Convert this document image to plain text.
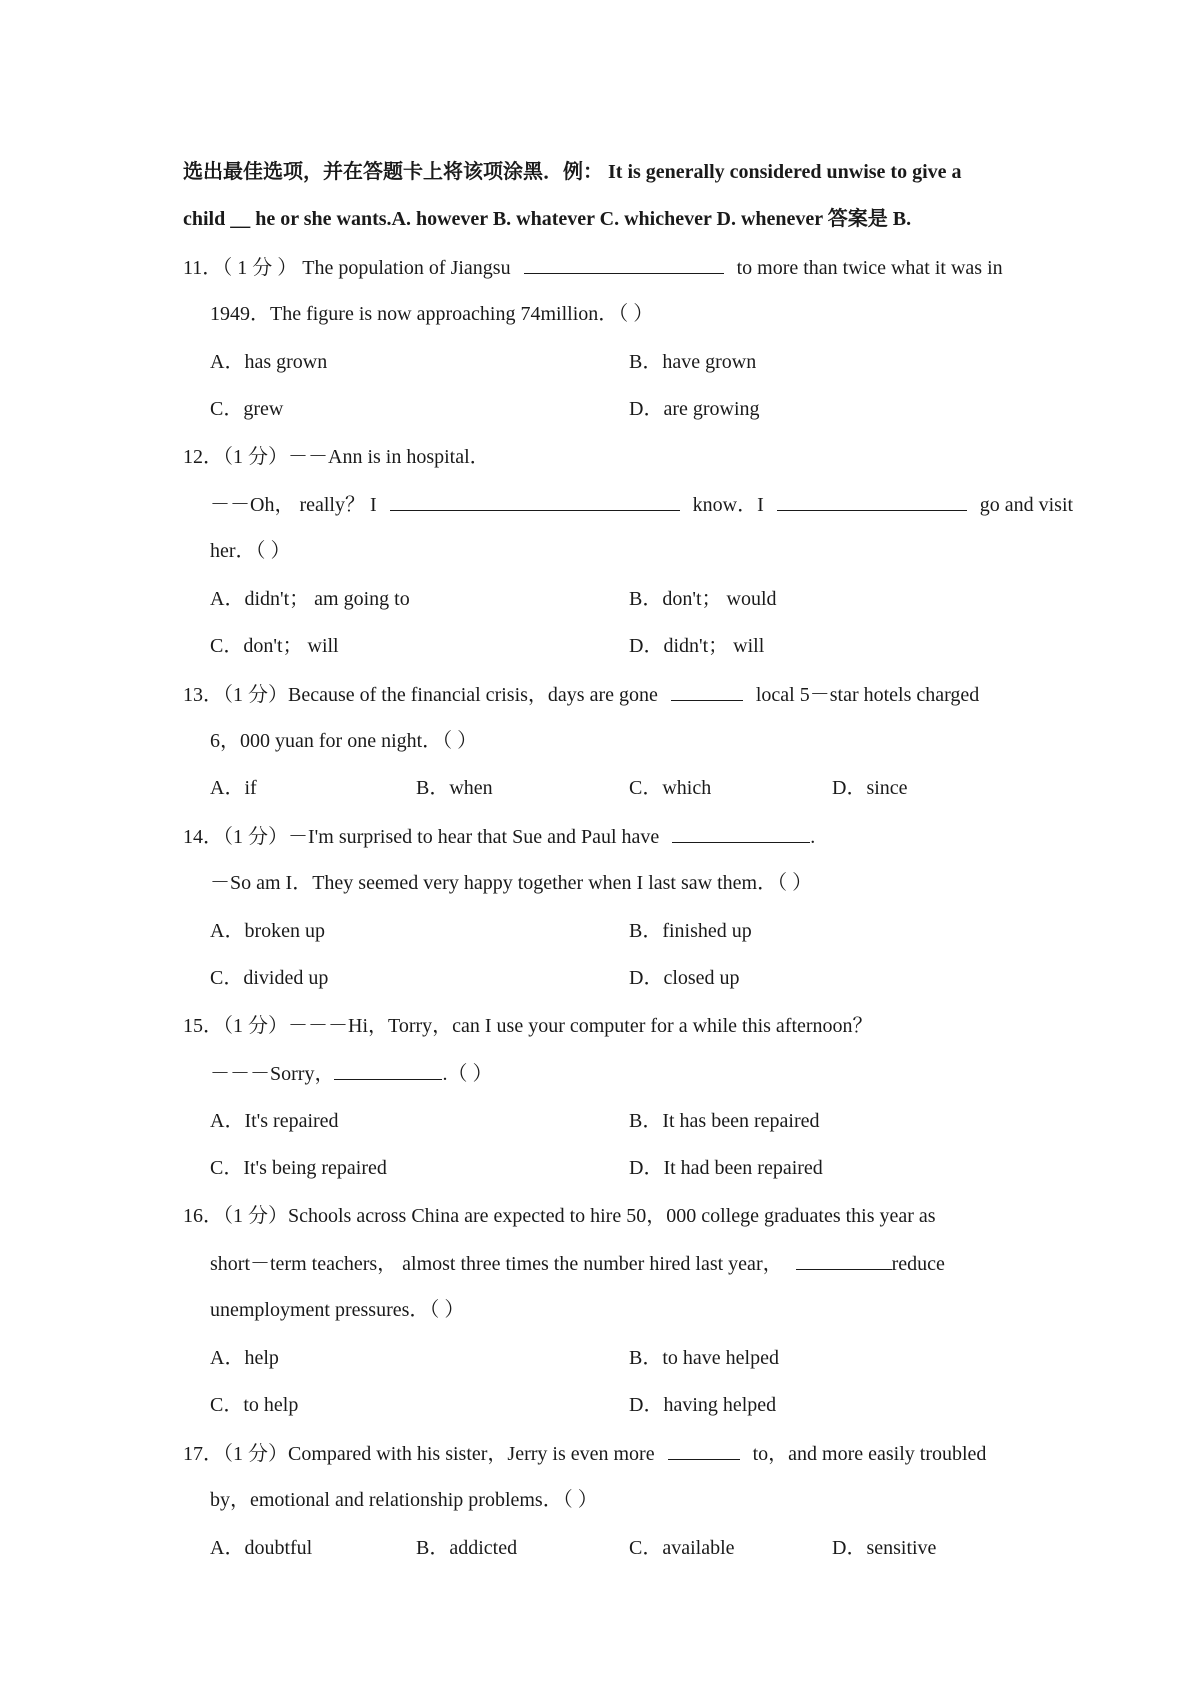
选出最佳选项，并在答题卡上将该项涂黑．例： It is generally considered unwise to give a
child __ he or she wants.A. however B. whatever C. whichever D. whenever 答案是 B.
11．（ 1 分 ） The population of Jiangsu	to more than twice what it was in
1949．The figure is now approaching 74million．（ ）
A．has grown	B．have grown
C．grew	D．are growing
12．（1 分）－－Ann is in hospital．
－－Oh， really？ I	know．I	go and visit
her．（ ）
A．didn't； am going to	B．don't； would
C．don't； will	D．didn't； will
13．（1 分）Because of the financial crisis，days are gone	local 5－star hotels charged
6，000 yuan for one night．（ ）
A．if	B．when	C．which	D．since
14．（1 分）－I'm surprised to hear that Sue and Paul have	.
－So am I．They seemed very happy together when I last saw them．（ ）
A．broken up	B．finished up
C．divided up	D．closed up
15．（1 分）－－－Hi，Torry，can I use your computer for a while this afternoon？
－－－Sorry，	.（ ）
A．It's repaired	B．It has been repaired
C．It's being repaired	D．It had been repaired
16．（1 分）Schools across China are expected to hire 50，000 college graduates this year as
short－term teachers， almost three times the number hired last year，	reduce
unemployment pressures．（ ）
A．help	B．to have helped
C．to help	D．having helped
17．（1 分）Compared with his sister，Jerry is even more	to，and more easily troubled
by，emotional and relationship problems．（ ）
A．doubtful	B．addicted	C．available	D．sensitive
